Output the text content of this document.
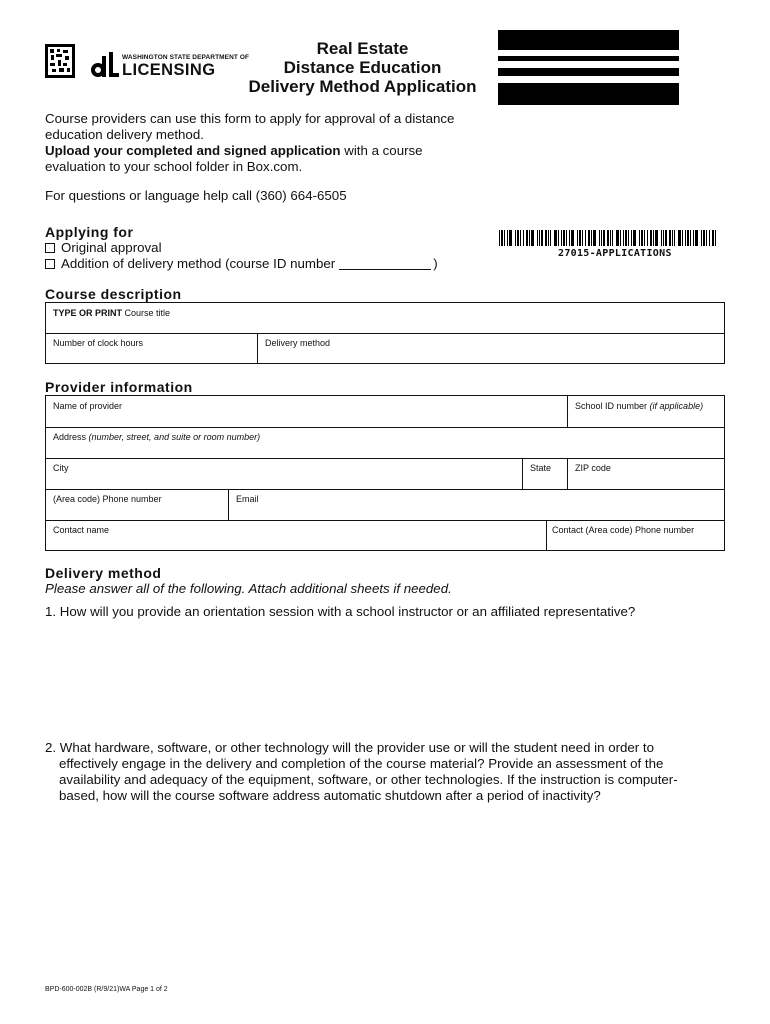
WASHINGTON STATE DEPARTMENT OF
LICENSING
Real Estate
Distance Education
Delivery Method Application

Course providers can use this form to apply for approval of a distance education delivery method.

Upload your completed and signed application with a course evaluation to your school folder in Box.com.

For questions or language help call (360) 664-6505
Applying for
Original approval
Addition of delivery method (course ID number	)
27015-APPLICATIONS
Course description
TYPE OR PRINT Course title
Number of clock hours	Delivery method
Provider information
Name of provider	School ID number (if applicable)
Address (number, street, and suite or room number)
City	State	ZIP code
(Area code) Phone number	Email
Contact name	Contact (Area code) Phone number
Delivery method
Please answer all of the following. Attach additional sheets if needed.

1. How will you provide an orientation session with a school instructor or an affiliated representative?

2. What hardware, software, or other technology will the provider use or will the student need in order to effectively engage in the delivery and completion of the course material? Provide an assessment of the availability and adequacy of the equipment, software, or other technologies. If the instruction is computer-based, how will the course software address automatic shutdown after a period of inactivity?

BPD-600-002B (R/9/21)WA Page 1 of 2
